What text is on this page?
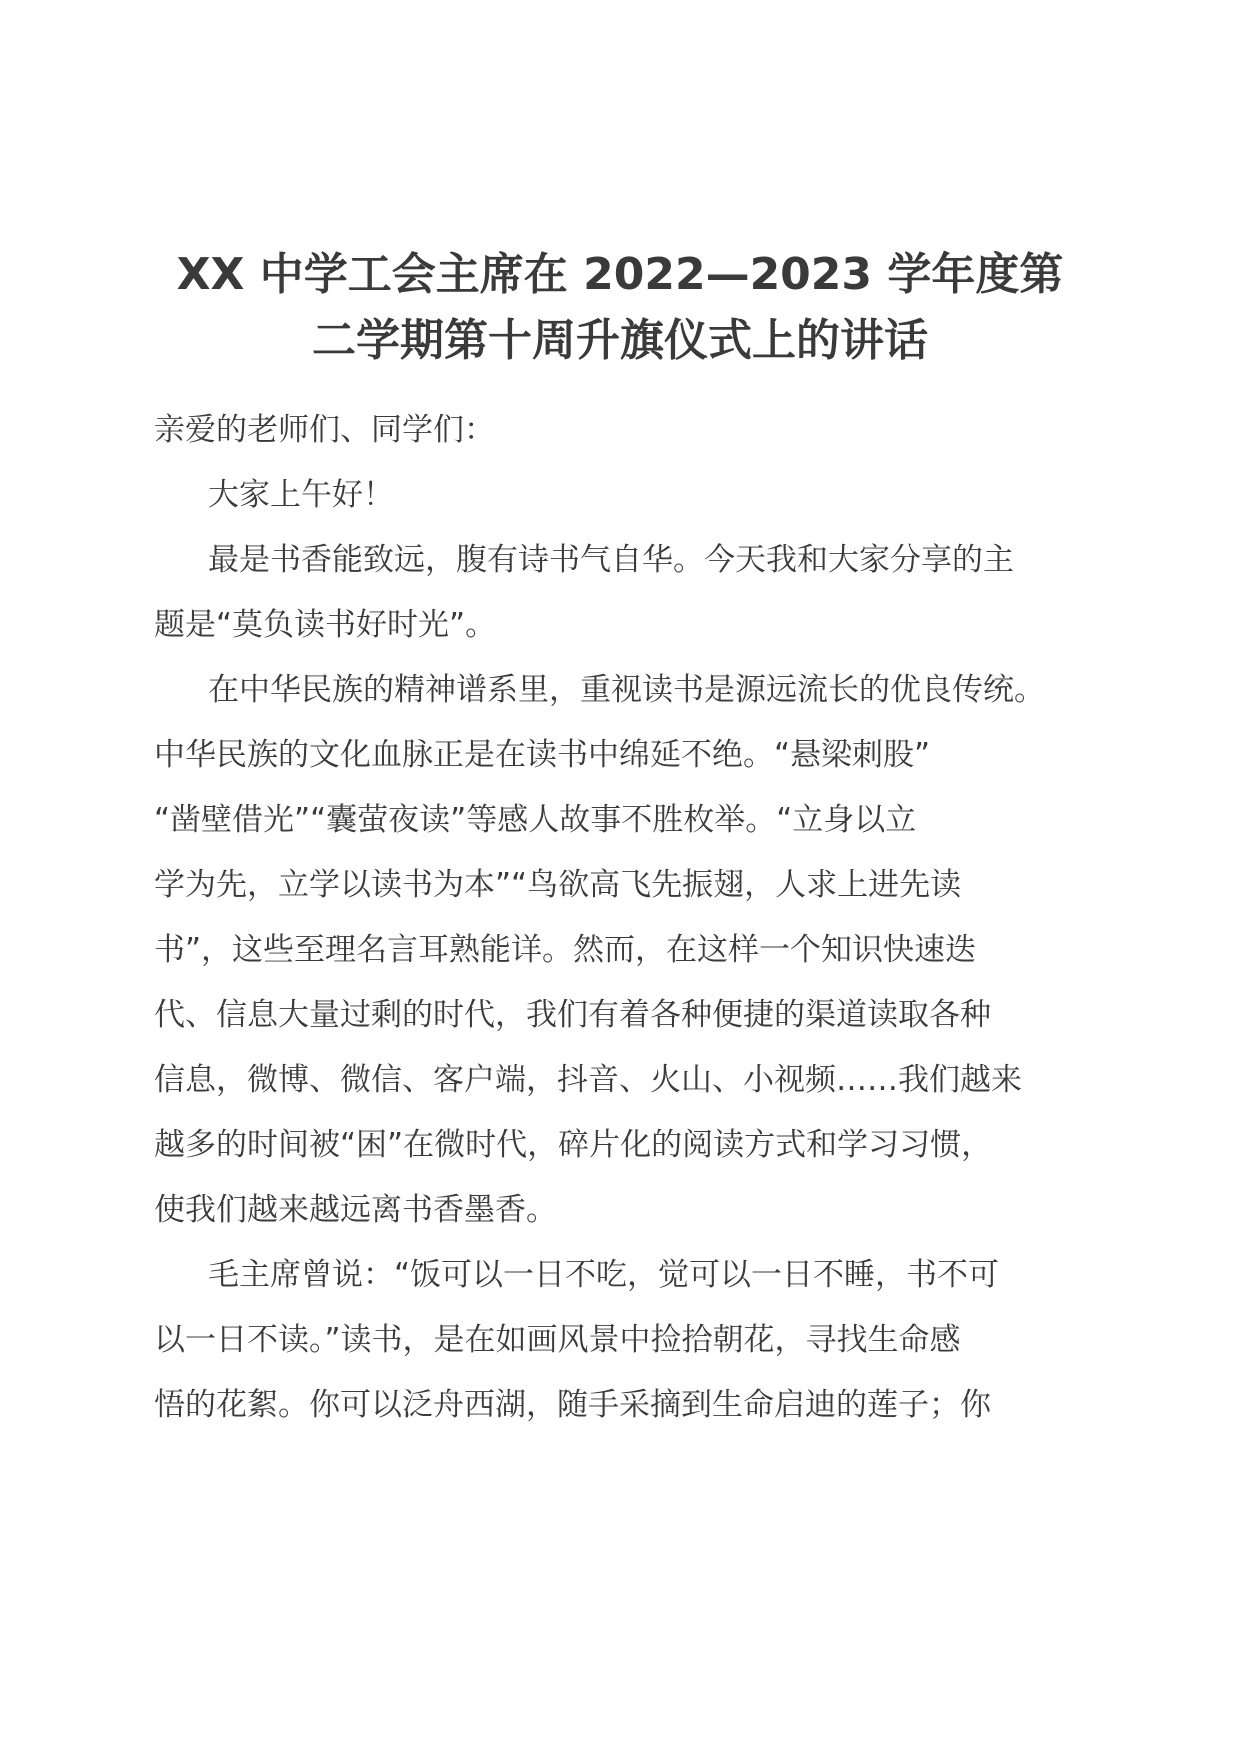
XX 中学工会主席在 2022—2023 学年度第
二学期第十周升旗仪式上的讲话

亲爱的老师们、同学们：

大家上午好！

最是书香能致远，腹有诗书气自华。今天我和大家分享的主
题是“莫负读书好时光”。

在中华民族的精神谱系里，重视读书是源远流长的优良传统。
中华民族的文化血脉正是在读书中绵延不绝。“悬梁刺股”
“凿壁借光”“囊萤夜读”等感人故事不胜枚举。“立身以立
学为先，立学以读书为本”“鸟欲高飞先振翅，人求上进先读
书”，这些至理名言耳熟能详。然而，在这样一个知识快速迭
代、信息大量过剩的时代，我们有着各种便捷的渠道读取各种
信息，微博、微信、客户端，抖音、火山、小视频……我们越来
越多的时间被“困”在微时代，碎片化的阅读方式和学习习惯，
使我们越来越远离书香墨香。

毛主席曾说：“饭可以一日不吃，觉可以一日不睡，书不可
以一日不读。”读书，是在如画风景中捡拾朝花，寻找生命感
悟的花絮。你可以泛舟西湖，随手采摘到生命启迪的莲子；你
